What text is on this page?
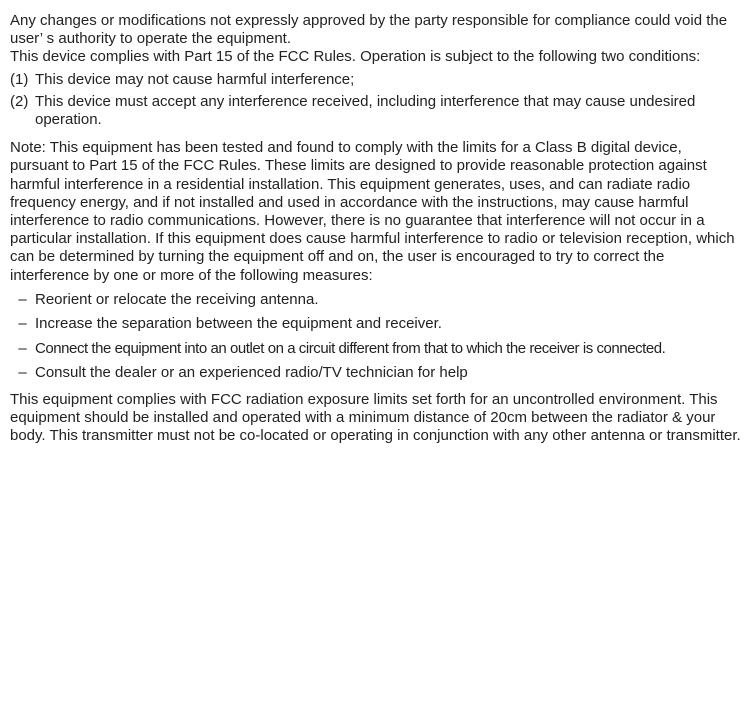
Any changes or modifications not expressly approved by the party responsible for compliance could void the user’ s authority to operate the equipment.

This device complies with Part 15 of the FCC Rules. Operation is subject to the following two conditions:

(1) This device may not cause harmful interference;
(2) This device must accept any interference received, including interference that may cause undesired operation.

Note: This equipment has been tested and found to comply with the limits for a Class B digital device, pursuant to Part 15 of the FCC Rules. These limits are designed to provide reasonable protection against harmful interference in a residential installation. This equipment generates, uses, and can radiate radio frequency energy, and if not installed and used in accordance with the instructions, may cause harmful interference to radio communications. However, there is no guarantee that interference will not occur in a particular installation. If this equipment does cause harmful interference to radio or television reception, which can be determined by turning the equipment off and on, the user is encouraged to try to correct the interference by one or more of the following measures:

– Reorient or relocate the receiving antenna.
– Increase the separation between the equipment and receiver.
– Connect the equipment into an outlet on a circuit different from that to which the receiver is connected.
– Consult the dealer or an experienced radio/TV technician for help

This equipment complies with FCC radiation exposure limits set forth for an uncontrolled environment. This equipment should be installed and operated with a minimum distance of 20cm between the radiator & your body. This transmitter must not be co-located or operating in conjunction with any other antenna or transmitter.
